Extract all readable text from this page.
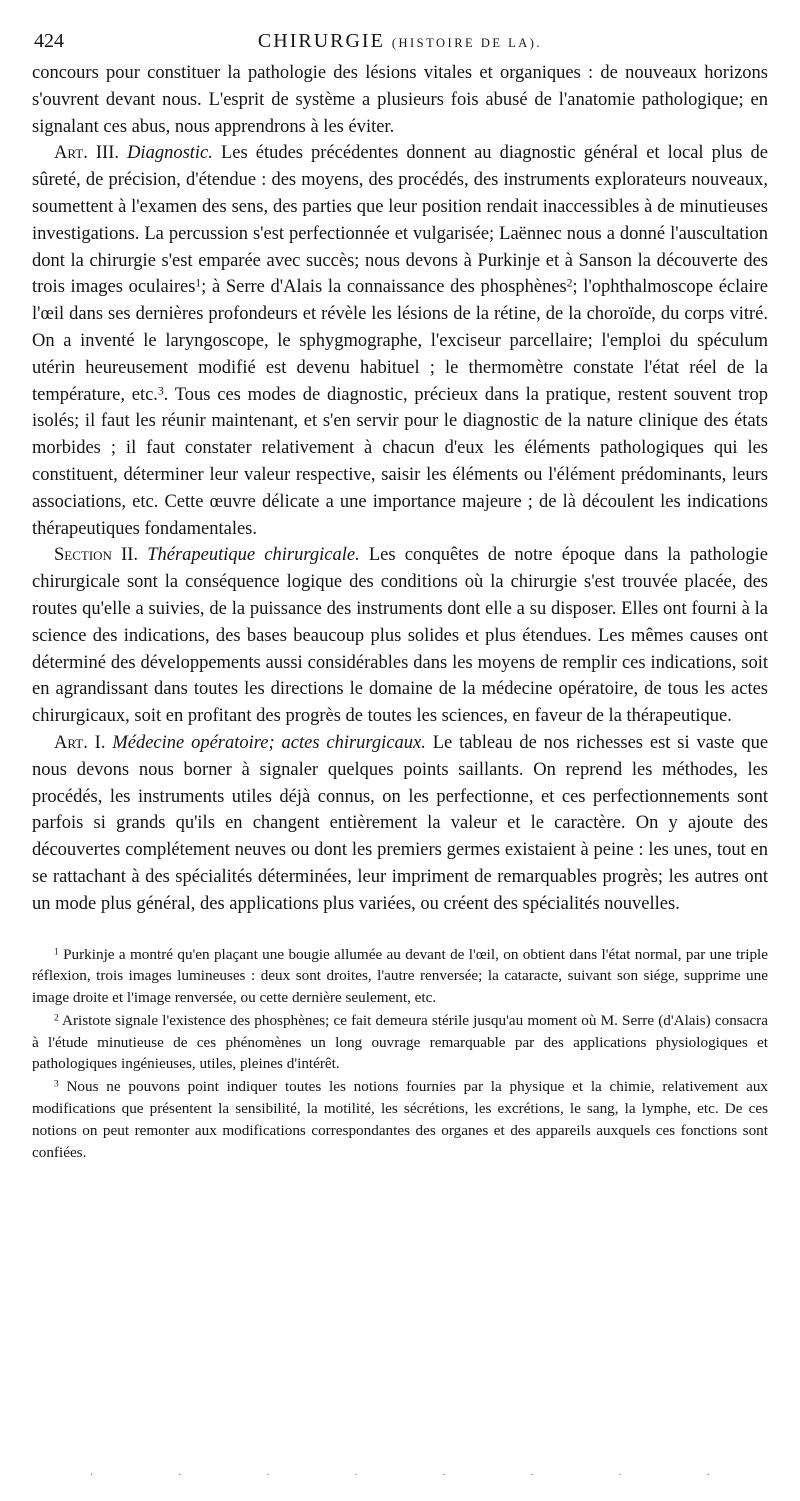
424	CHIRURGIE (HISTOIRE DE LA).

concours pour constituer la pathologie des lésions vitales et organiques : de nouveaux horizons s'ouvrent devant nous. L'esprit de système a plusieurs fois abusé de l'anatomie pathologique; en signalant ces abus, nous apprendrons à les éviter.

Art. III. Diagnostic. Les études précédentes donnent au diagnostic général et local plus de sûreté, de précision, d'étendue : des moyens, des procédés, des instruments explorateurs nouveaux, soumettent à l'examen des sens, des parties que leur position rendait inaccessibles à de minutieuses investigations. La percussion s'est perfectionnée et vulgarisée; Laënnec nous a donné l'auscultation dont la chirurgie s'est emparée avec succès; nous devons à Purkinje et à Sanson la découverte des trois images oculaires$^1$; à Serre d'Alais la connaissance des phosphènes$^2$; l'ophthalmoscope éclaire l'œil dans ses dernières profondeurs et révèle les lésions de la rétine, de la choroïde, du corps vitré. On a inventé le laryngoscope, le sphygmographe, l'exciseur parcellaire; l'emploi du spéculum utérin heureusement modifié est devenu habituel ; le thermomètre constate l'état réel de la température, etc.$^3$. Tous ces modes de diagnostic, précieux dans la pratique, restent souvent trop isolés; il faut les réunir maintenant, et s'en servir pour le diagnostic de la nature clinique des états morbides ; il faut constater relativement à chacun d'eux les éléments pathologiques qui les constituent, déterminer leur valeur respective, saisir les éléments ou l'élément prédominants, leurs associations, etc. Cette œuvre délicate a une importance majeure ; de là découlent les indications thérapeutiques fondamentales.

Section II. Thérapeutique chirurgicale. Les conquêtes de notre époque dans la pathologie chirurgicale sont la conséquence logique des conditions où la chirurgie s'est trouvée placée, des routes qu'elle a suivies, de la puissance des instruments dont elle a su disposer. Elles ont fourni à la science des indications, des bases beaucoup plus solides et plus étendues. Les mêmes causes ont déterminé des développements aussi considérables dans les moyens de remplir ces indications, soit en agrandissant dans toutes les directions le domaine de la médecine opératoire, de tous les actes chirurgicaux, soit en profitant des progrès de toutes les sciences, en faveur de la thérapeutique.

Art. I. Médecine opératoire; actes chirurgicaux. Le tableau de nos richesses est si vaste que nous devons nous borner à signaler quelques points saillants. On reprend les méthodes, les procédés, les instruments utiles déjà connus, on les perfectionne, et ces perfectionnements sont parfois si grands qu'ils en changent entièrement la valeur et le caractère. On y ajoute des découvertes complétement neuves ou dont les premiers germes existaient à peine : les unes, tout en se rattachant à des spécialités déterminées, leur impriment de remarquables progrès; les autres ont un mode plus général, des applications plus variées, ou créent des spécialités nouvelles.

$^1$ Purkinje a montré qu'en plaçant une bougie allumée au devant de l'œil, on obtient dans l'état normal, par une triple réflexion, trois images lumineuses : deux sont droites, l'autre renversée; la cataracte, suivant son siége, supprime une image droite et l'image renversée, ou cette dernière seulement, etc.

$^2$ Aristote signale l'existence des phosphènes; ce fait demeura stérile jusqu'au moment où M. Serre (d'Alais) consacra à l'étude minutieuse de ces phénomènes un long ouvrage remarquable par des applications physiologiques et pathologiques ingénieuses, utiles, pleines d'intérêt.

$^3$ Nous ne pouvons point indiquer toutes les notions fournies par la physique et la chimie, relativement aux modifications que présentent la sensibilité, la motilité, les sécrétions, les excrétions, le sang, la lymphe, etc. De ces notions on peut remonter aux modifications correspondantes des organes et des appareils auxquels ces fonctions sont confiées.

·	·	·	·	·	·	·	·
